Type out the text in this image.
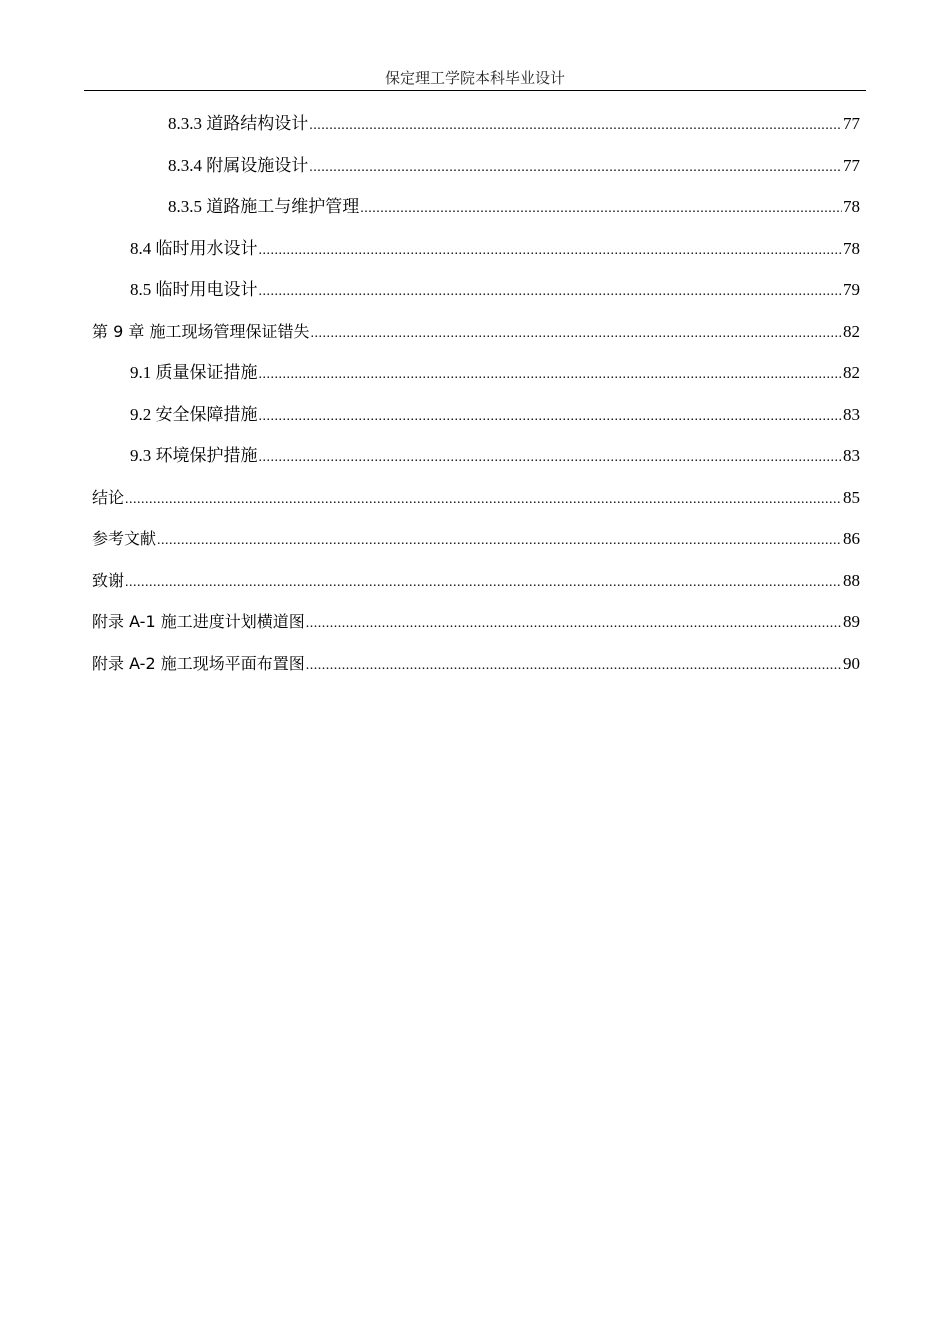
保定理工学院本科毕业设计
8.3.3 道路结构设计 .....	77
8.3.4 附属设施设计 .....	77
8.3.5 道路施工与维护管理 .....	78
8.4 临时用水设计 .....	78
8.5 临时用电设计 .....	79
第 9 章 施工现场管理保证错失 .....	82
9.1 质量保证措施 .....	82
9.2 安全保障措施 .....	83
9.3 环境保护措施 .....	83
结论 .....	85
参考文献 .....	86
致谢 .....	88
附录 A-1 施工进度计划横道图 .....	89
附录 A-2 施工现场平面布置图 .....	90
